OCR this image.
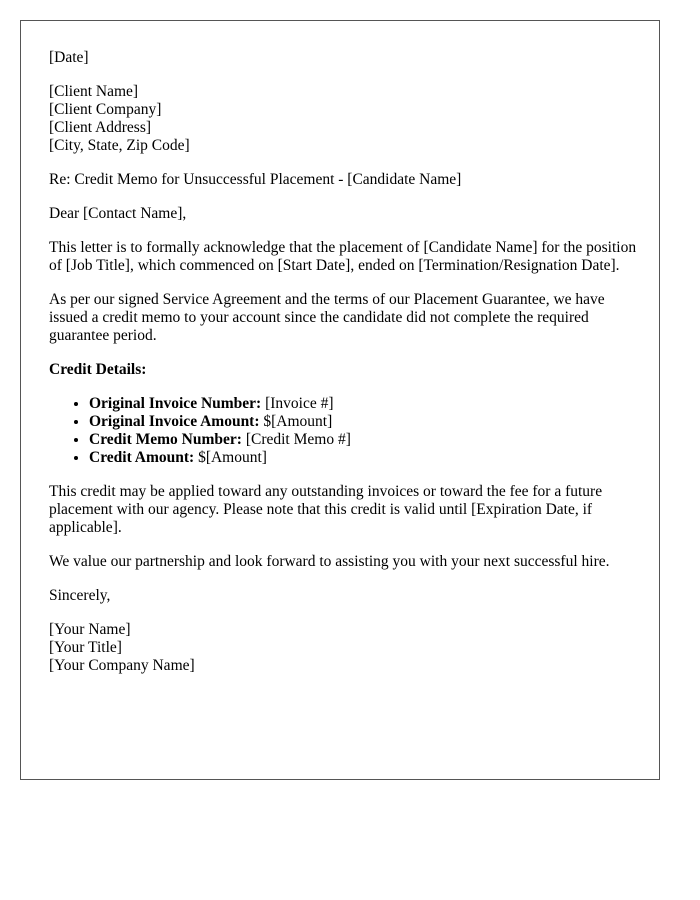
[Date]
[Client Name]
[Client Company]
[Client Address]
[City, State, Zip Code]
Re: Credit Memo for Unsuccessful Placement - [Candidate Name]
Dear [Contact Name],
This letter is to formally acknowledge that the placement of [Candidate Name] for the position of [Job Title], which commenced on [Start Date], ended on [Termination/Resignation Date].
As per our signed Service Agreement and the terms of our Placement Guarantee, we have issued a credit memo to your account since the candidate did not complete the required guarantee period.
Credit Details:
• Original Invoice Number: [Invoice #]
• Original Invoice Amount: $[Amount]
• Credit Memo Number: [Credit Memo #]
• Credit Amount: $[Amount]
This credit may be applied toward any outstanding invoices or toward the fee for a future placement with our agency. Please note that this credit is valid until [Expiration Date, if applicable].
We value our partnership and look forward to assisting you with your next successful hire.
Sincerely,
[Your Name]
[Your Title]
[Your Company Name]
